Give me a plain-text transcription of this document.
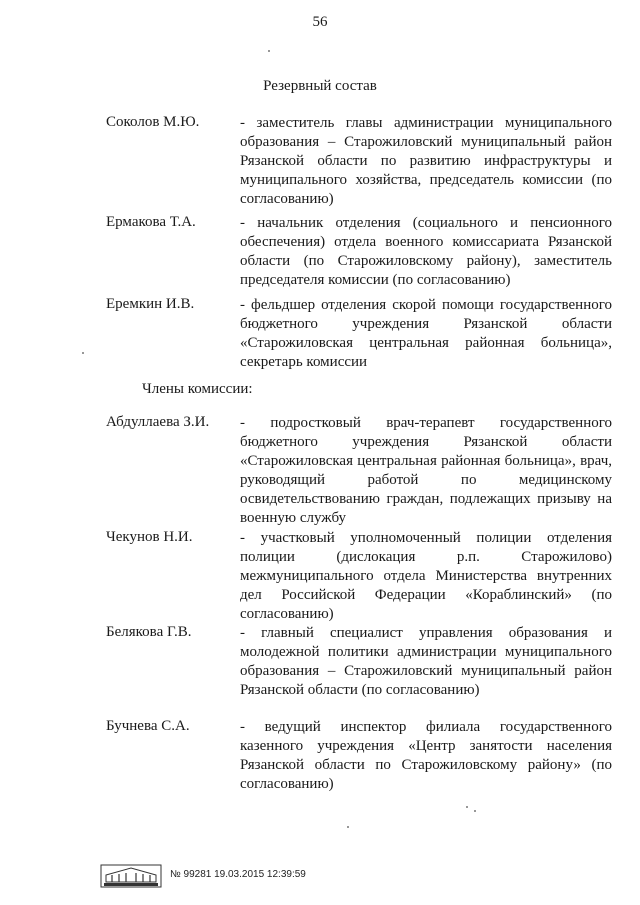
56
Резервный состав
Соколов М.Ю.	- заместитель главы администрации муниципального образования – Старожиловский муниципальный район Рязанской области по развитию инфраструктуры и муниципального хозяйства, председатель комиссии (по согласованию)
Ермакова Т.А.	- начальник отделения (социального и пенсионного обеспечения) отдела военного комиссариата Рязанской области (по Старожиловскому району), заместитель председателя комиссии (по согласованию)
Еремкин И.В.	- фельдшер отделения скорой помощи государственного бюджетного учреждения Рязанской области «Старожиловская центральная районная больница», секретарь комиссии
Члены комиссии:
Абдуллаева З.И. - подростковый врач-терапевт государственного бюджетного учреждения Рязанской области «Старожиловская центральная районная больница», врач, руководящий работой по медицинскому освидетельствованию граждан, подлежащих призыву на военную службу
Чекунов Н.И.	- участковый уполномоченный полиции отделения полиции (дислокация р.п. Старожилово) межмуниципального отдела Министерства внутренних дел Российской Федерации «Кораблинский» (по согласованию)
Белякова Г.В.	- главный специалист управления образования и молодежной политики администрации муниципального образования – Старожиловский муниципальный район Рязанской области (по согласованию)
Бучнева С.А.	- ведущий инспектор филиала государственного казенного учреждения «Центр занятости населения Рязанской области по Старожиловскому району» (по согласованию)
№ 99281 19.03.2015 12:39:59
